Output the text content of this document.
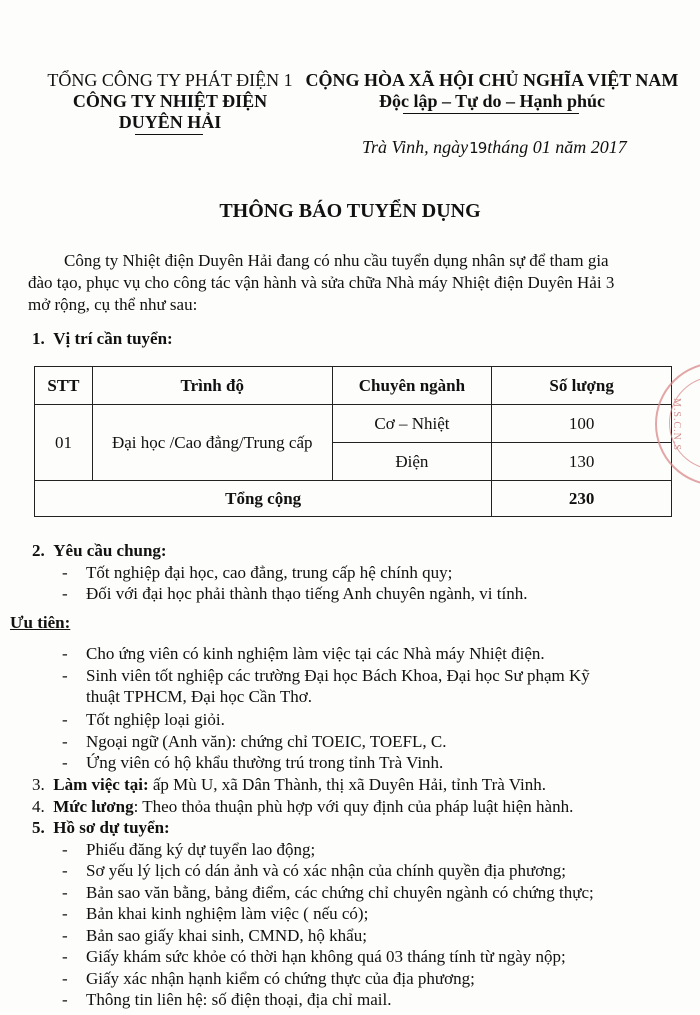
TỔNG CÔNG TY PHÁT ĐIỆN 1
CÔNG TY NHIỆT ĐIỆN
DUYÊN HẢI
CỘNG HÒA XÃ HỘI CHỦ NGHĨA VIỆT NAM
Độc lập – Tự do – Hạnh phúc
Trà Vinh, ngày19tháng 01 năm 2017
THÔNG BÁO TUYỂN DỤNG
Công ty Nhiệt điện Duyên Hải đang có nhu cầu tuyển dụng nhân sự để tham gia
đào tạo, phục vụ cho công tác vận hành và sửa chữa Nhà máy Nhiệt điện Duyên Hải 3
mở rộng, cụ thể như sau:
1. Vị trí cần tuyển:
STT	Trình độ	Chuyên ngành	Số lượng
01	Đại học /Cao đẳng/Trung cấp	Cơ – Nhiệt	100
		Điện	130
Tổng cộng			230
2. Yêu cầu chung:
- Tốt nghiệp đại học, cao đẳng, trung cấp hệ chính quy;
- Đối với đại học phải thành thạo tiếng Anh chuyên ngành, vi tính.
Ưu tiên:
- Cho ứng viên có kinh nghiệm làm việc tại các Nhà máy Nhiệt điện.
- Sinh viên tốt nghiệp các trường Đại học Bách Khoa, Đại học Sư phạm Kỹ
thuật TPHCM, Đại học Cần Thơ.
- Tốt nghiệp loại giỏi.
- Ngoại ngữ (Anh văn): chứng chỉ TOEIC, TOEFL, C.
- Ứng viên có hộ khẩu thường trú trong tỉnh Trà Vinh.
3. Làm việc tại: ấp Mù U, xã Dân Thành, thị xã Duyên Hải, tỉnh Trà Vinh.
4. Mức lương: Theo thỏa thuận phù hợp với quy định của pháp luật hiện hành.
5. Hồ sơ dự tuyển:
- Phiếu đăng ký dự tuyển lao động;
- Sơ yếu lý lịch có dán ảnh và có xác nhận của chính quyền địa phương;
- Bản sao văn bằng, bảng điểm, các chứng chỉ chuyên ngành có chứng thực;
- Bản khai kinh nghiệm làm việc ( nếu có);
- Bản sao giấy khai sinh, CMND, hộ khẩu;
- Giấy khám sức khỏe có thời hạn không quá 03 tháng tính từ ngày nộp;
- Giấy xác nhận hạnh kiểm có chứng thực của địa phương;
- Thông tin liên hệ: số điện thoại, địa chỉ mail.
M.S.C.N.S
